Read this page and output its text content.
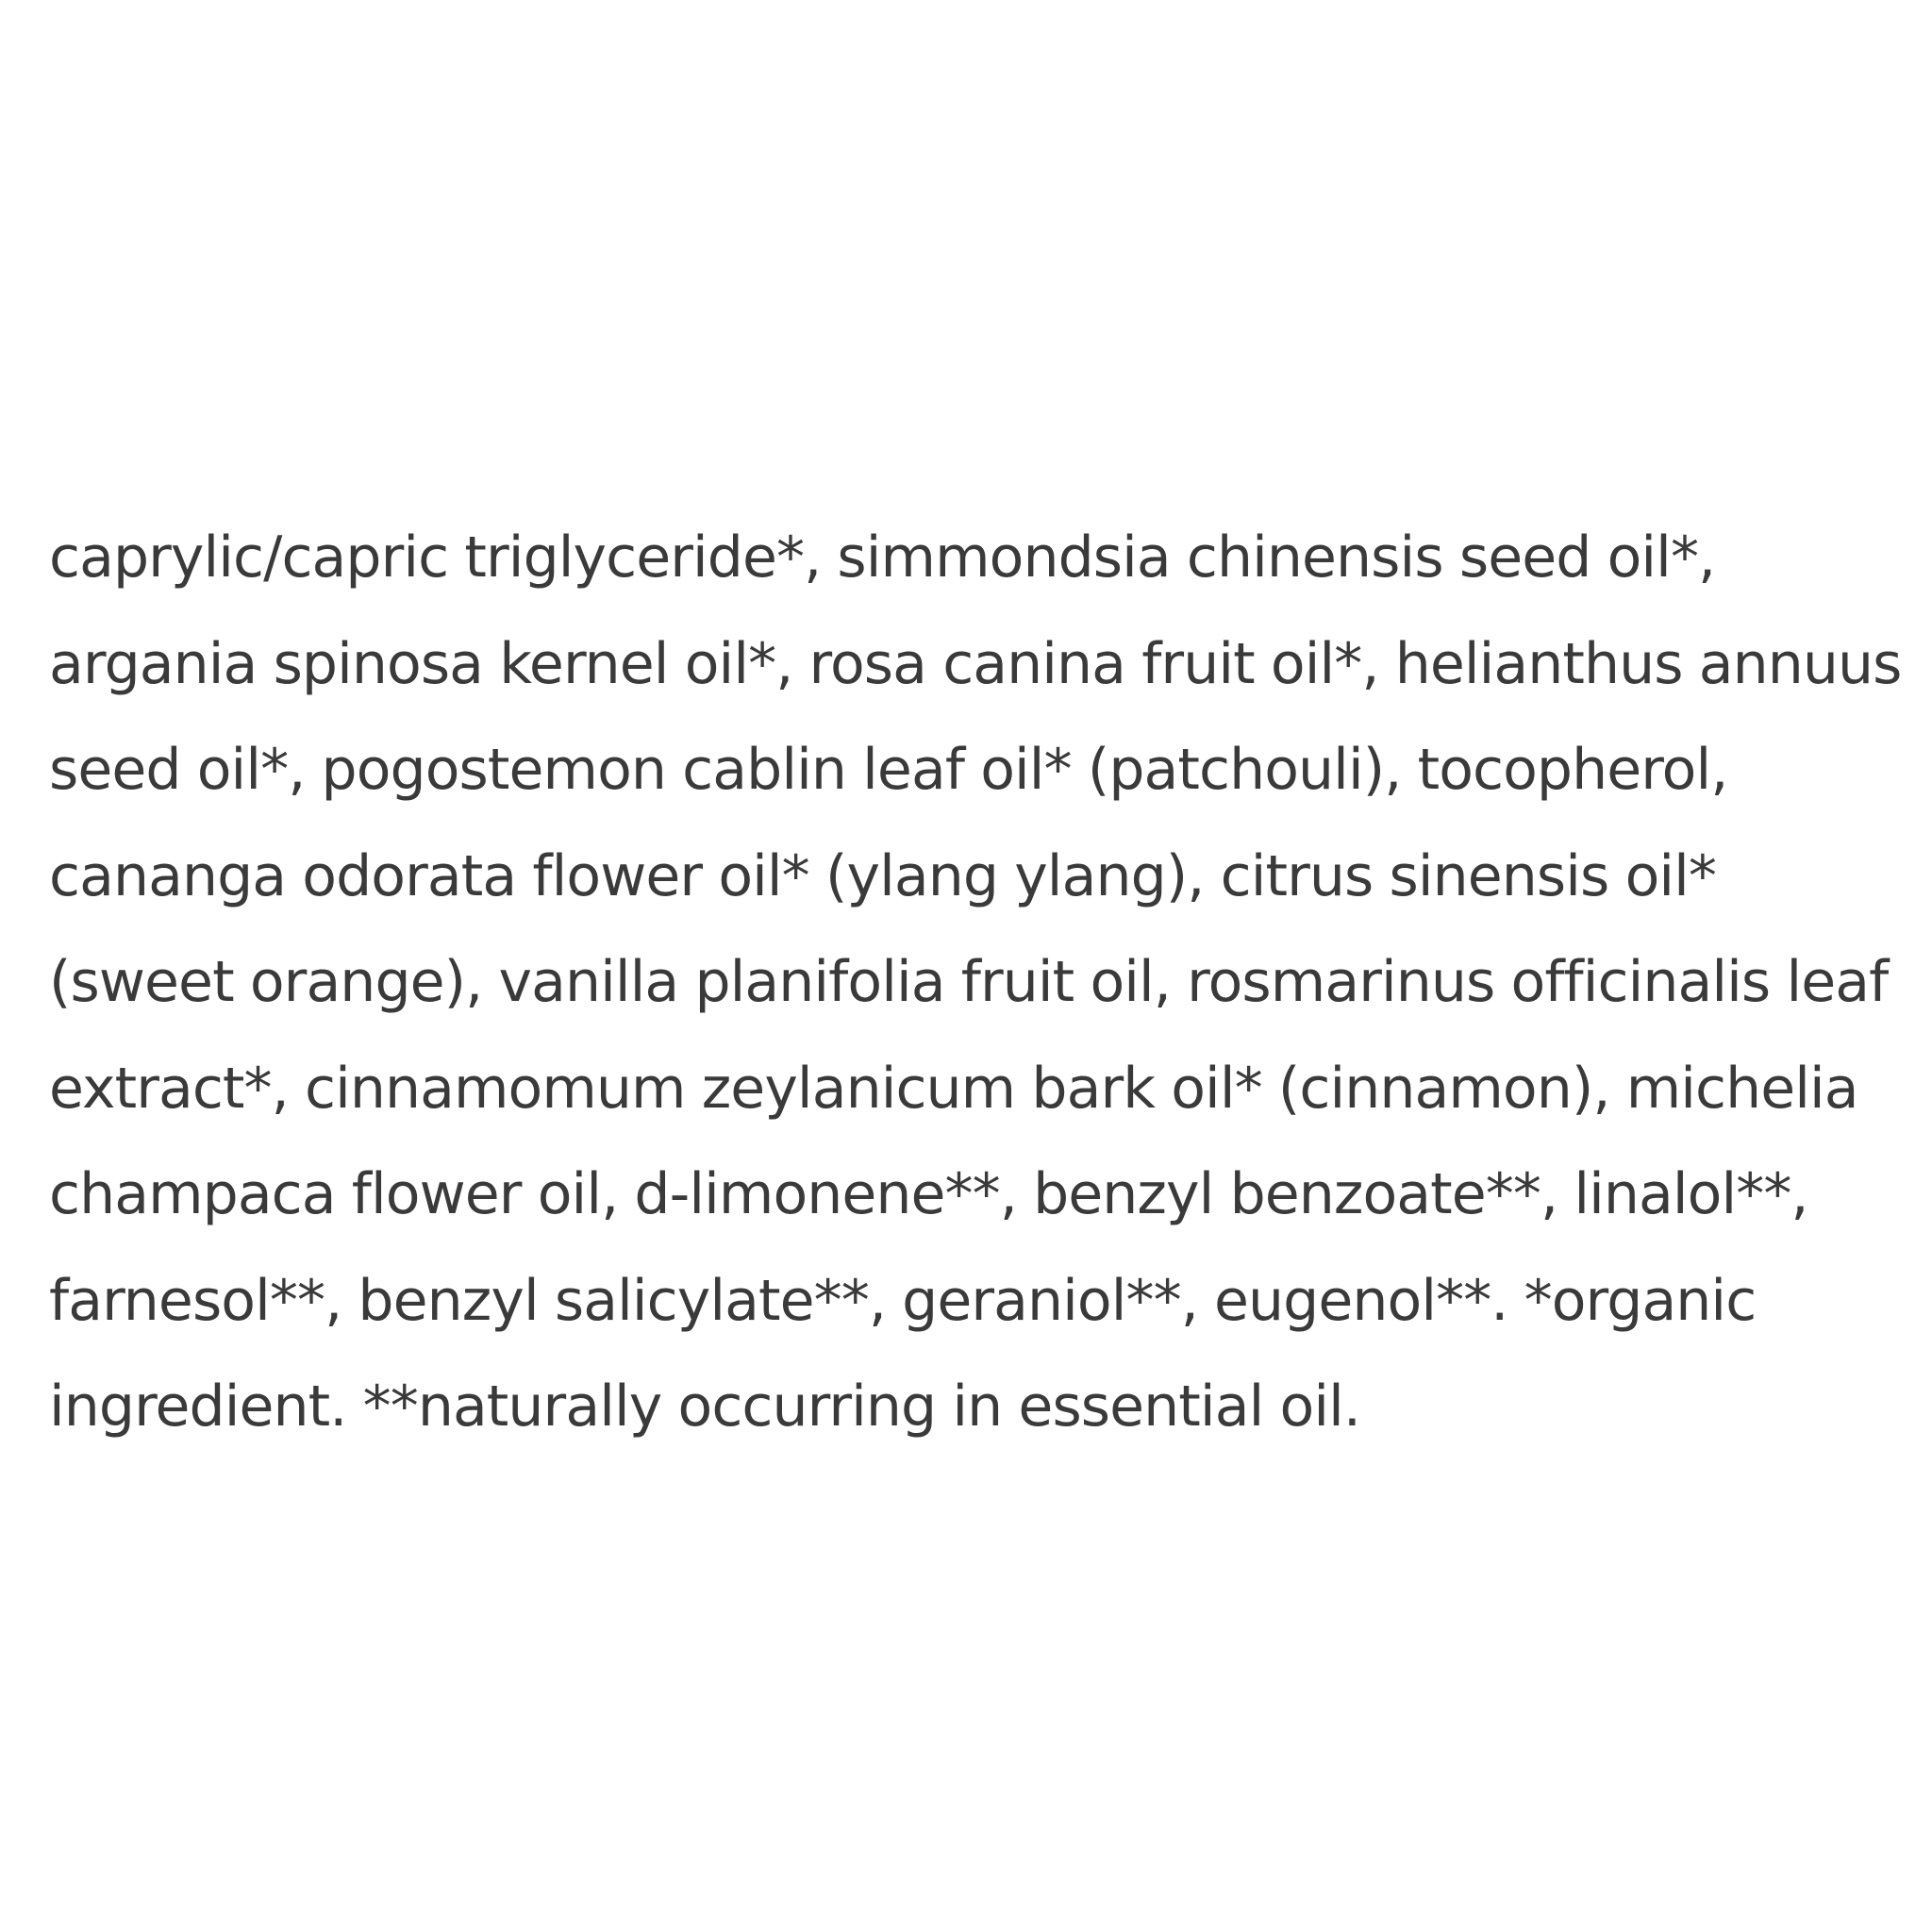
caprylic/capric triglyceride*, simmondsia chinensis seed oil*,
argania spinosa kernel oil*, rosa canina fruit oil*, helianthus annuus
seed oil*, pogostemon cablin leaf oil* (patchouli), tocopherol,
cananga odorata flower oil* (ylang ylang), citrus sinensis oil*
(sweet orange), vanilla planifolia fruit oil, rosmarinus officinalis leaf
extract*, cinnamomum zeylanicum bark oil* (cinnamon), michelia
champaca flower oil, d-limonene**, benzyl benzoate**, linalol**,
farnesol**, benzyl salicylate**, geraniol**, eugenol**. *organic
ingredient. **naturally occurring in essential oil.
